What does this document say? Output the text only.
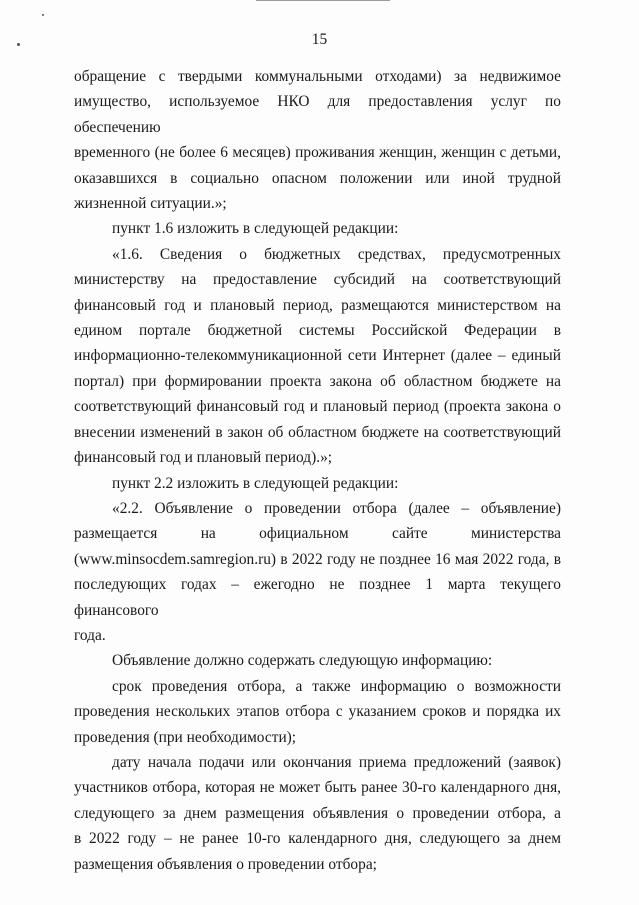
15
обращение с твердыми коммунальными отходами) за недвижимое
имущество, используемое НКО для предоставления услуг по обеспечению
временного (не более 6 месяцев) проживания женщин, женщин с детьми,
оказавшихся в социально опасном положении или иной трудной
жизненной ситуации.»;
пункт 1.6 изложить в следующей редакции:
«1.6. Сведения о бюджетных средствах, предусмотренных
министерству на предоставление субсидий на соответствующий
финансовый год и плановый период, размещаются министерством на
едином портале бюджетной системы Российской Федерации в
информационно-телекоммуникационной сети Интернет (далее – единый
портал) при формировании проекта закона об областном бюджете на
соответствующий финансовый год и плановый период (проекта закона о
внесении изменений в закон об областном бюджете на соответствующий
финансовый год и плановый период).»;
пункт 2.2 изложить в следующей редакции:
«2.2. Объявление о проведении отбора (далее – объявление)
размещается на официальном сайте министерства
(www.minsocdem.samregion.ru) в 2022 году не позднее 16 мая 2022 года, в
последующих годах – ежегодно не позднее 1 марта текущего финансового
года.
Объявление должно содержать следующую информацию:
срок проведения отбора, а также информацию о возможности
проведения нескольких этапов отбора с указанием сроков и порядка их
проведения (при необходимости);
дату начала подачи или окончания приема предложений (заявок)
участников отбора, которая не может быть ранее 30-го календарного дня,
следующего за днем размещения объявления о проведении отбора, а
в 2022 году – не ранее 10-го календарного дня, следующего за днем
размещения объявления о проведении отбора;
